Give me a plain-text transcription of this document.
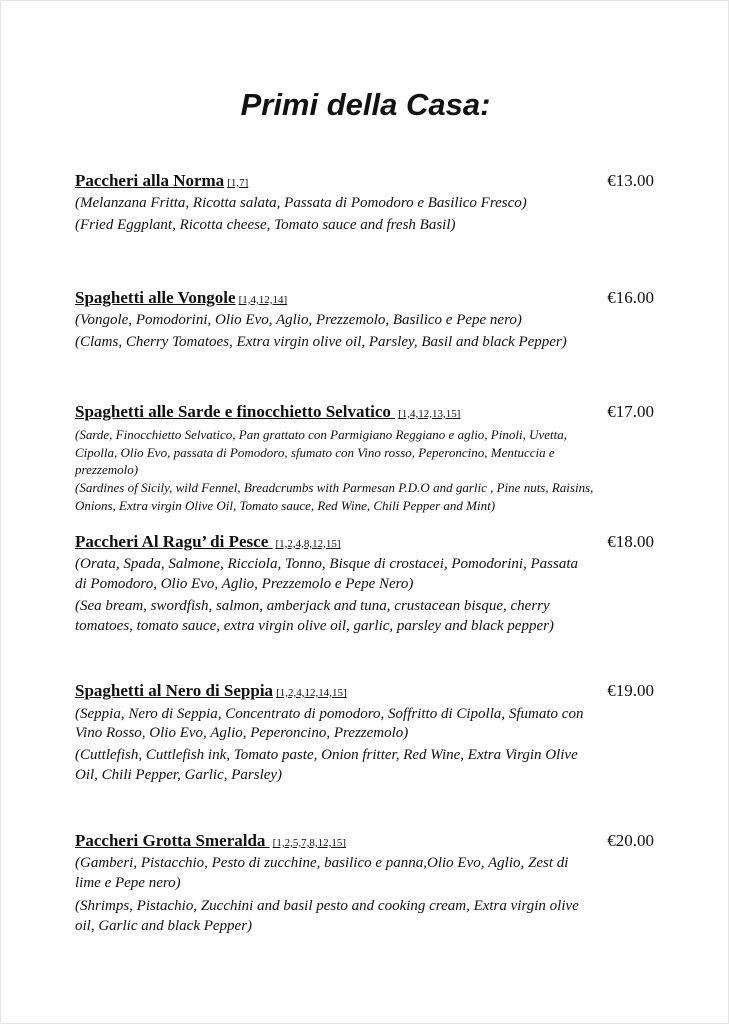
Primi della Casa:
Paccheri alla Norma [1,7]	€13.00
(Melanzana Fritta, Ricotta salata, Passata di Pomodoro e Basilico Fresco)
(Fried Eggplant, Ricotta cheese, Tomato sauce and fresh Basil)
Spaghetti alle Vongole [1,4,12,14]	€16.00
(Vongole, Pomodorini, Olio Evo, Aglio, Prezzemolo, Basilico e Pepe nero)
(Clams, Cherry Tomatoes, Extra virgin olive oil, Parsley, Basil and black Pepper)
Spaghetti alle Sarde e finocchietto Selvatico [1,4,12,13,15]	€17.00
(Sarde, Finocchietto Selvatico, Pan grattato con Parmigiano Reggiano e aglio, Pinoli, Uvetta,
Cipolla, Olio Evo, passata di Pomodoro, sfumato con Vino rosso, Peperoncino, Mentuccia e
prezzemolo)
(Sardines of Sicily, wild Fennel, Breadcrumbs with Parmesan P.D.O and garlic , Pine nuts, Raisins,
Onions, Extra virgin Olive Oil, Tomato sauce, Red Wine, Chili Pepper and Mint)
Paccheri Al Ragu’ di Pesce [1,2,4,8,12,15]	€18.00
(Orata, Spada, Salmone, Ricciola, Tonno, Bisque di crostacei, Pomodorini, Passata
di Pomodoro, Olio Evo, Aglio, Prezzemolo e Pepe Nero)
(Sea bream, swordfish, salmon, amberjack and tuna, crustacean bisque, cherry
tomatoes, tomato sauce, extra virgin olive oil, garlic, parsley and black pepper)
Spaghetti al Nero di Seppia [1,2,4,12,14,15]	€19.00
(Seppia, Nero di Seppia, Concentrato di pomodoro, Soffritto di Cipolla, Sfumato con
Vino Rosso, Olio Evo, Aglio, Peperoncino, Prezzemolo)
(Cuttlefish, Cuttlefish ink, Tomato paste, Onion fritter, Red Wine, Extra Virgin Olive
Oil, Chili Pepper, Garlic, Parsley)
Paccheri Grotta Smeralda [1,2,5,7,8,12,15]	€20.00
(Gamberi, Pistacchio, Pesto di zucchine, basilico e panna,Olio Evo, Aglio, Zest di
lime e Pepe nero)
(Shrimps, Pistachio, Zucchini and basil pesto and cooking cream, Extra virgin olive
oil, Garlic and black Pepper)
